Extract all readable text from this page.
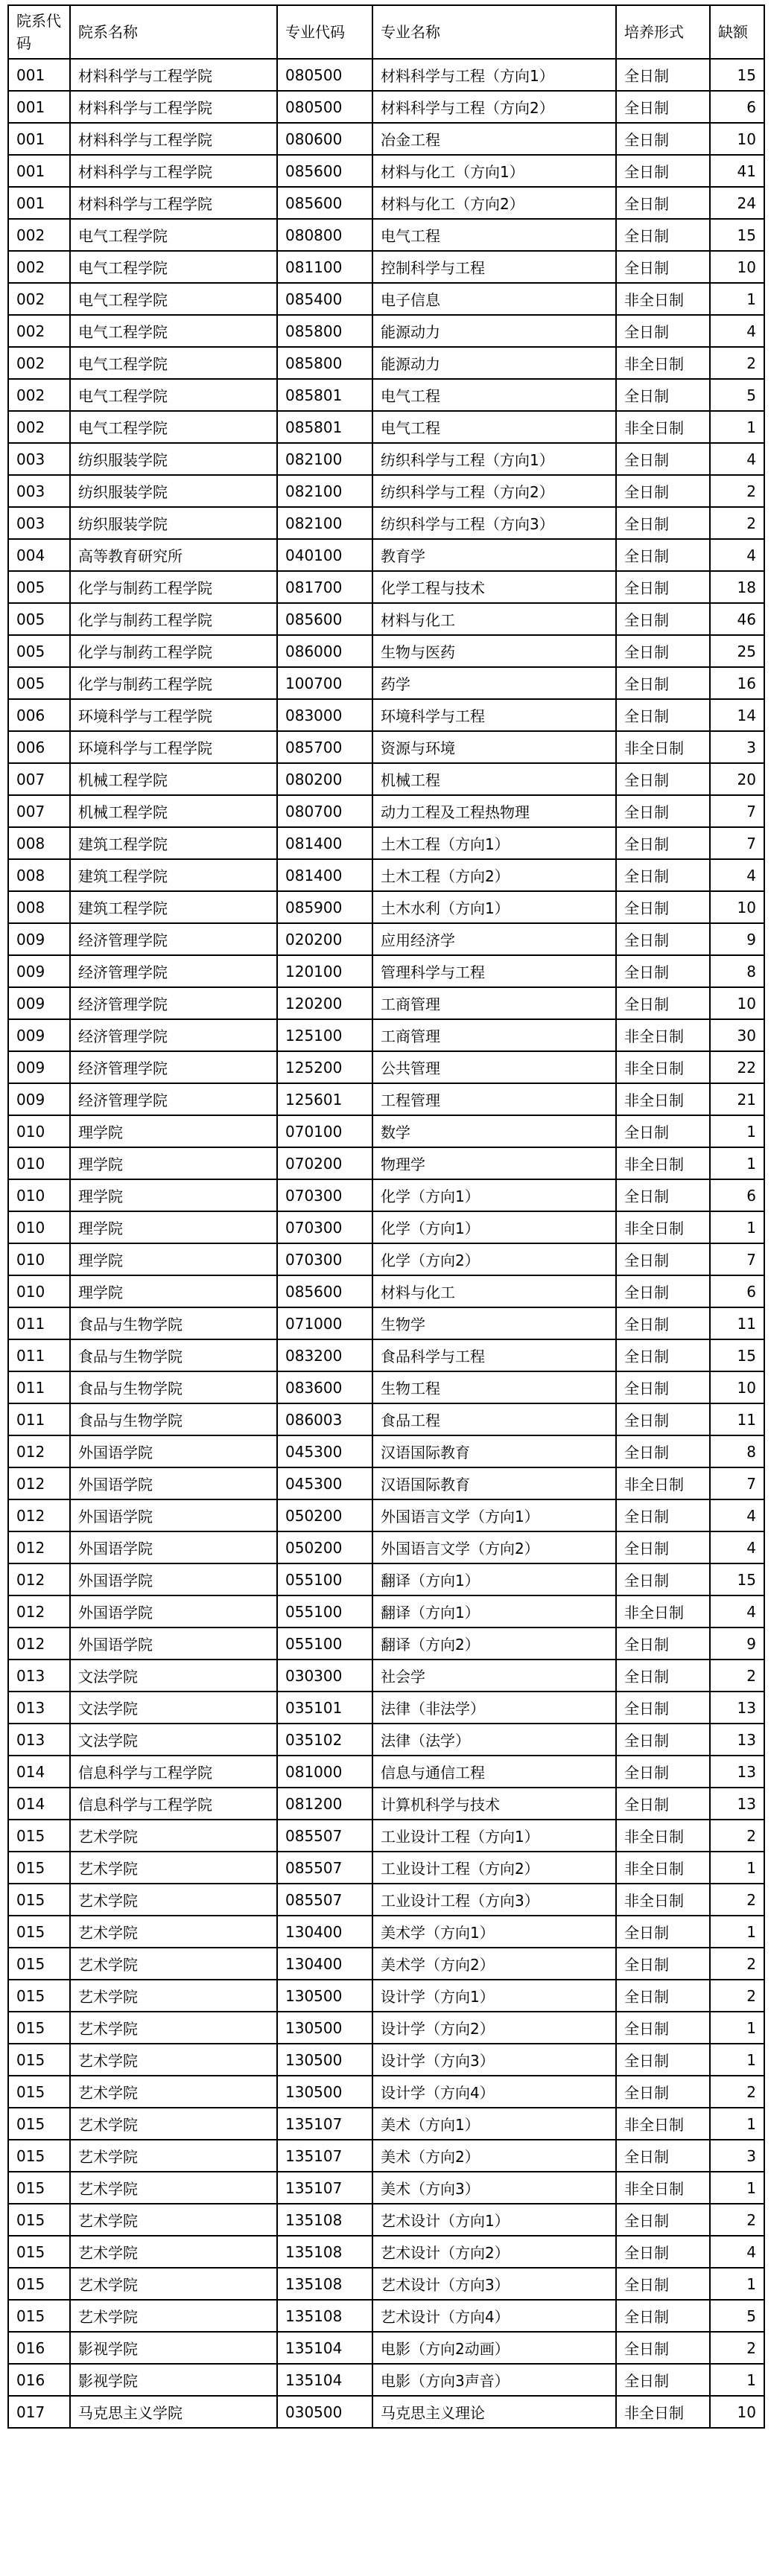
院系代码	院系名称	专业代码	专业名称	培养形式	缺额
001	材料科学与工程学院	080500	材料科学与工程（方向1）	全日制	15
001	材料科学与工程学院	080500	材料科学与工程（方向2）	全日制	6
001	材料科学与工程学院	080600	冶金工程	全日制	10
001	材料科学与工程学院	085600	材料与化工（方向1）	全日制	41
001	材料科学与工程学院	085600	材料与化工（方向2）	全日制	24
002	电气工程学院	080800	电气工程	全日制	15
002	电气工程学院	081100	控制科学与工程	全日制	10
002	电气工程学院	085400	电子信息	非全日制	1
002	电气工程学院	085800	能源动力	全日制	4
002	电气工程学院	085800	能源动力	非全日制	2
002	电气工程学院	085801	电气工程	全日制	5
002	电气工程学院	085801	电气工程	非全日制	1
003	纺织服装学院	082100	纺织科学与工程（方向1）	全日制	4
003	纺织服装学院	082100	纺织科学与工程（方向2）	全日制	2
003	纺织服装学院	082100	纺织科学与工程（方向3）	全日制	2
004	高等教育研究所	040100	教育学	全日制	4
005	化学与制药工程学院	081700	化学工程与技术	全日制	18
005	化学与制药工程学院	085600	材料与化工	全日制	46
005	化学与制药工程学院	086000	生物与医药	全日制	25
005	化学与制药工程学院	100700	药学	全日制	16
006	环境科学与工程学院	083000	环境科学与工程	全日制	14
006	环境科学与工程学院	085700	资源与环境	非全日制	3
007	机械工程学院	080200	机械工程	全日制	20
007	机械工程学院	080700	动力工程及工程热物理	全日制	7
008	建筑工程学院	081400	土木工程（方向1）	全日制	7
008	建筑工程学院	081400	土木工程（方向2）	全日制	4
008	建筑工程学院	085900	土木水利（方向1）	全日制	10
009	经济管理学院	020200	应用经济学	全日制	9
009	经济管理学院	120100	管理科学与工程	全日制	8
009	经济管理学院	120200	工商管理	全日制	10
009	经济管理学院	125100	工商管理	非全日制	30
009	经济管理学院	125200	公共管理	非全日制	22
009	经济管理学院	125601	工程管理	非全日制	21
010	理学院	070100	数学	全日制	1
010	理学院	070200	物理学	非全日制	1
010	理学院	070300	化学（方向1）	全日制	6
010	理学院	070300	化学（方向1）	非全日制	1
010	理学院	070300	化学（方向2）	全日制	7
010	理学院	085600	材料与化工	全日制	6
011	食品与生物学院	071000	生物学	全日制	11
011	食品与生物学院	083200	食品科学与工程	全日制	15
011	食品与生物学院	083600	生物工程	全日制	10
011	食品与生物学院	086003	食品工程	全日制	11
012	外国语学院	045300	汉语国际教育	全日制	8
012	外国语学院	045300	汉语国际教育	非全日制	7
012	外国语学院	050200	外国语言文学（方向1）	全日制	4
012	外国语学院	050200	外国语言文学（方向2）	全日制	4
012	外国语学院	055100	翻译（方向1）	全日制	15
012	外国语学院	055100	翻译（方向1）	非全日制	4
012	外国语学院	055100	翻译（方向2）	全日制	9
013	文法学院	030300	社会学	全日制	2
013	文法学院	035101	法律（非法学）	全日制	13
013	文法学院	035102	法律（法学）	全日制	13
014	信息科学与工程学院	081000	信息与通信工程	全日制	13
014	信息科学与工程学院	081200	计算机科学与技术	全日制	13
015	艺术学院	085507	工业设计工程（方向1）	非全日制	2
015	艺术学院	085507	工业设计工程（方向2）	非全日制	1
015	艺术学院	085507	工业设计工程（方向3）	非全日制	2
015	艺术学院	130400	美术学（方向1）	全日制	1
015	艺术学院	130400	美术学（方向2）	全日制	2
015	艺术学院	130500	设计学（方向1）	全日制	2
015	艺术学院	130500	设计学（方向2）	全日制	1
015	艺术学院	130500	设计学（方向3）	全日制	1
015	艺术学院	130500	设计学（方向4）	全日制	2
015	艺术学院	135107	美术（方向1）	非全日制	1
015	艺术学院	135107	美术（方向2）	全日制	3
015	艺术学院	135107	美术（方向3）	非全日制	1
015	艺术学院	135108	艺术设计（方向1）	全日制	2
015	艺术学院	135108	艺术设计（方向2）	全日制	4
015	艺术学院	135108	艺术设计（方向3）	全日制	1
015	艺术学院	135108	艺术设计（方向4）	全日制	5
016	影视学院	135104	电影（方向2动画）	全日制	2
016	影视学院	135104	电影（方向3声音）	全日制	1
017	马克思主义学院	030500	马克思主义理论	非全日制	10
